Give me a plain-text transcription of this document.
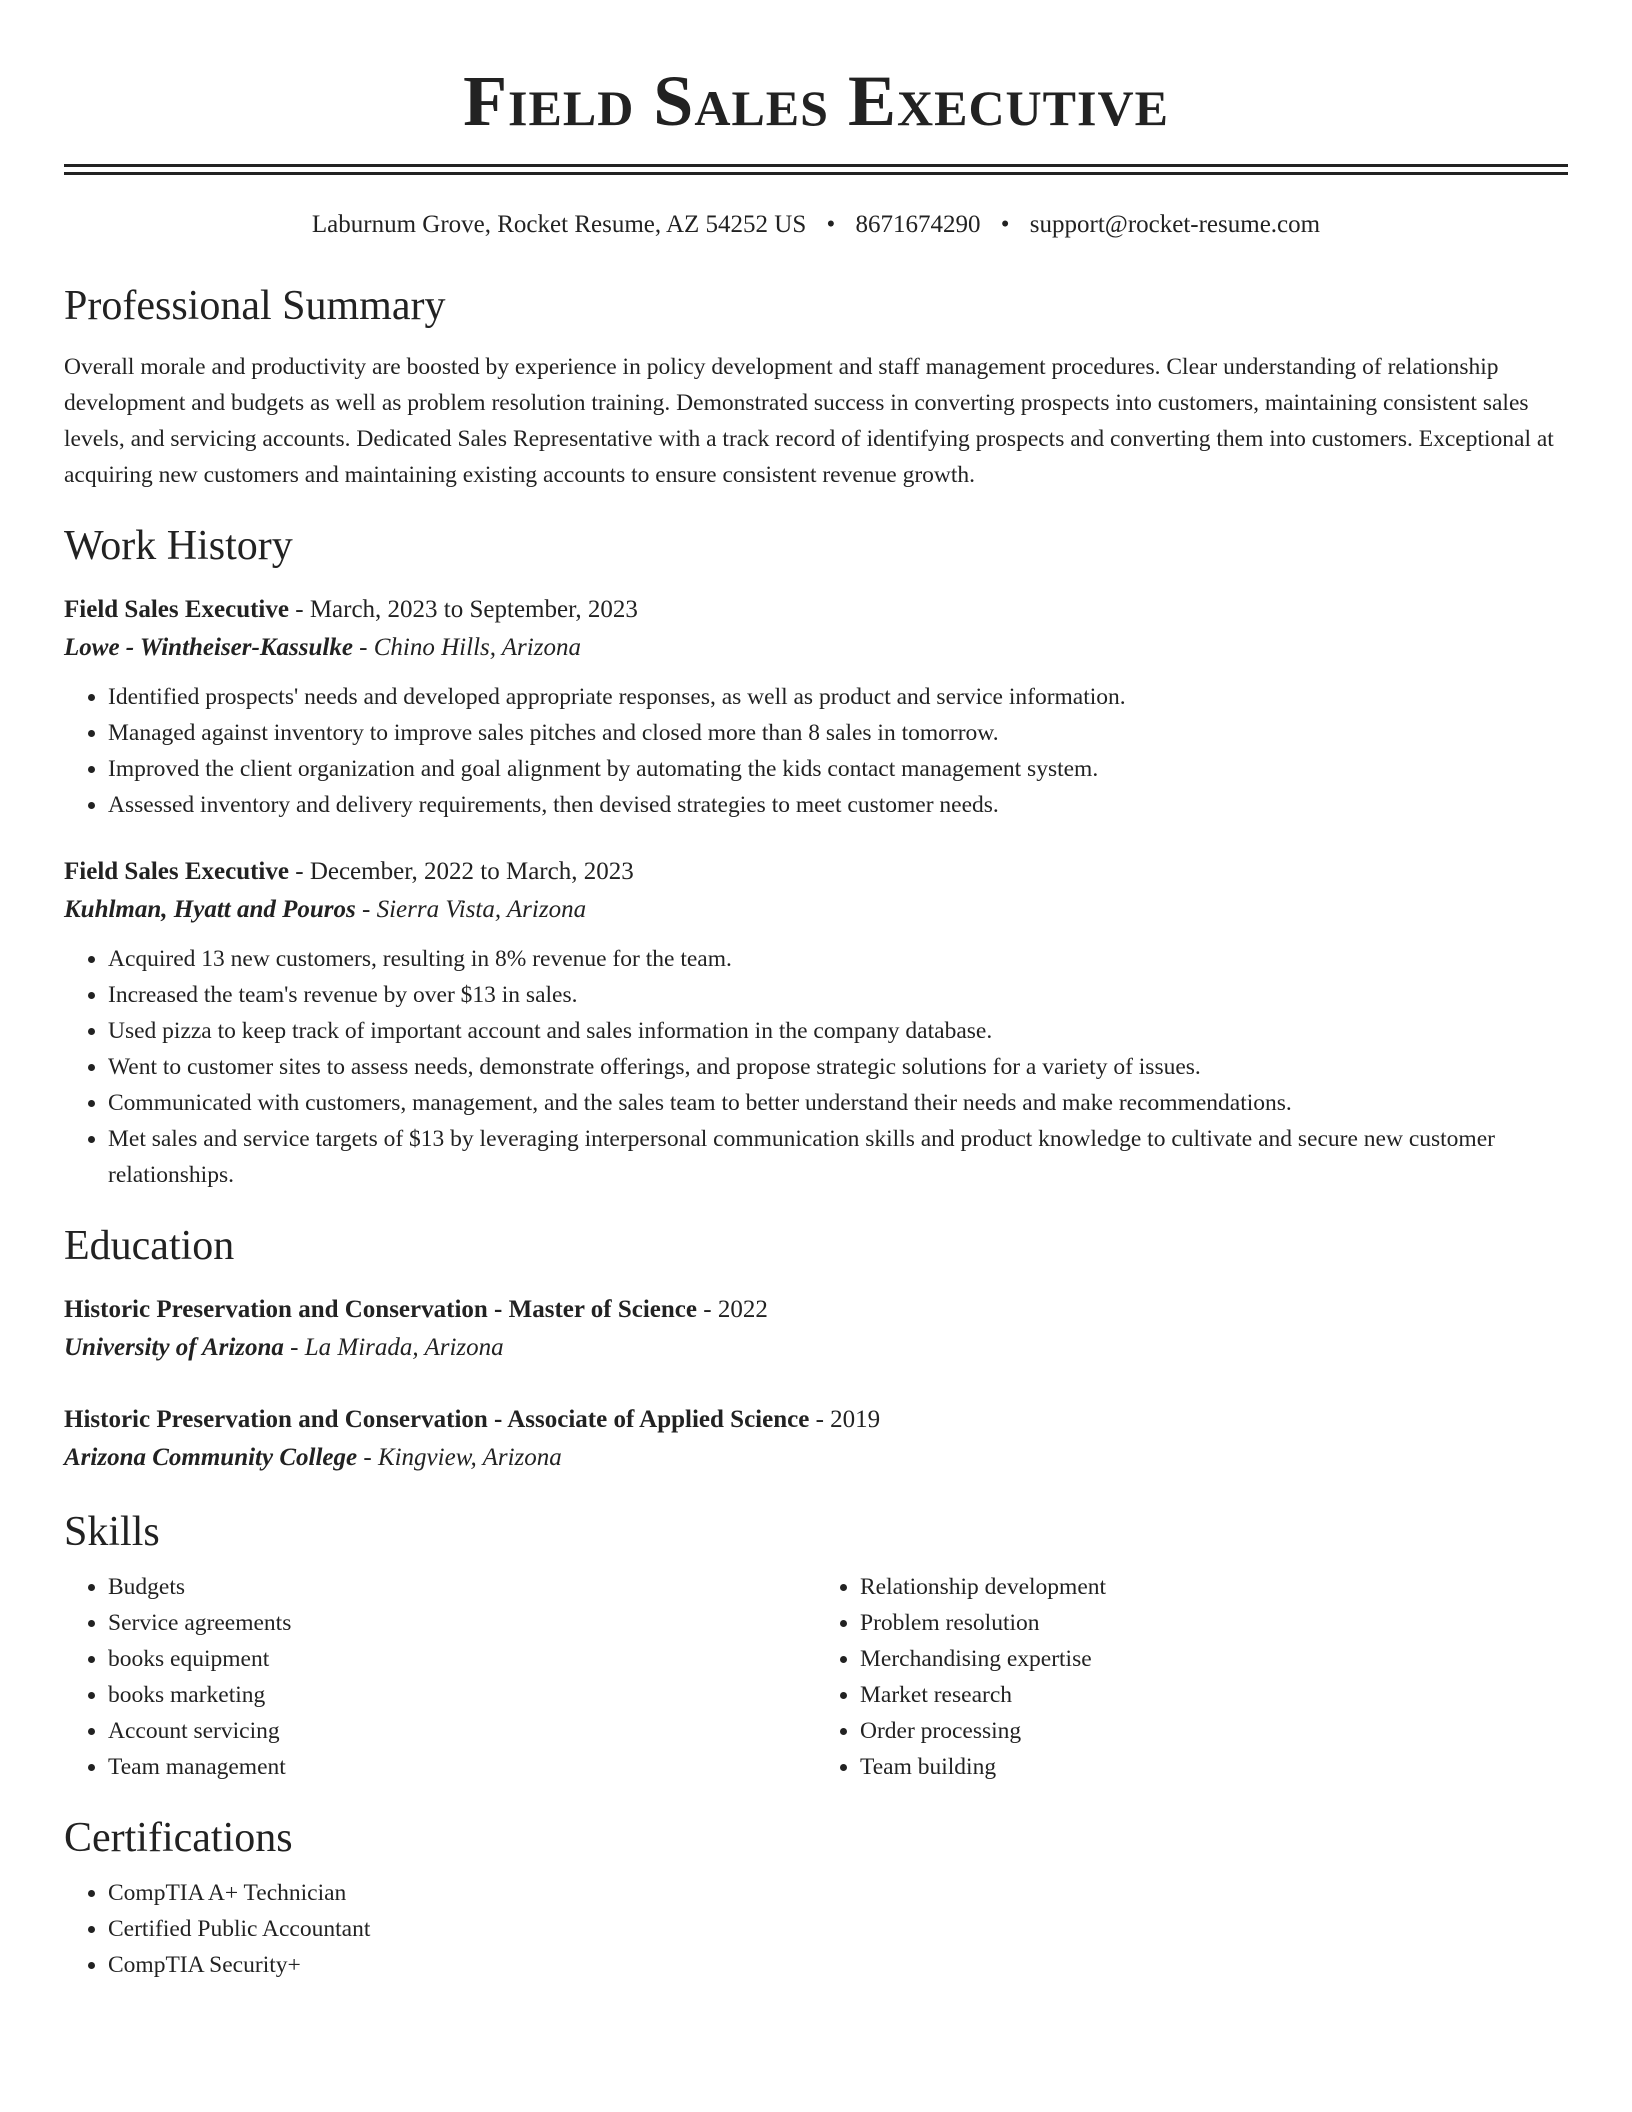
Field Sales Executive
Laburnum Grove, Rocket Resume, AZ 54252 US • 8671674290 • support@rocket-resume.com
Professional Summary
Overall morale and productivity are boosted by experience in policy development and staff management procedures. Clear understanding of relationship development and budgets as well as problem resolution training. Demonstrated success in converting prospects into customers, maintaining consistent sales levels, and servicing accounts. Dedicated Sales Representative with a track record of identifying prospects and converting them into customers. Exceptional at acquiring new customers and maintaining existing accounts to ensure consistent revenue growth.
Work History
Field Sales Executive - March, 2023 to September, 2023
Lowe - Wintheiser-Kassulke - Chino Hills, Arizona
• Identified prospects' needs and developed appropriate responses, as well as product and service information.
• Managed against inventory to improve sales pitches and closed more than 8 sales in tomorrow.
• Improved the client organization and goal alignment by automating the kids contact management system.
• Assessed inventory and delivery requirements, then devised strategies to meet customer needs.
Field Sales Executive - December, 2022 to March, 2023
Kuhlman, Hyatt and Pouros - Sierra Vista, Arizona
• Acquired 13 new customers, resulting in 8% revenue for the team.
• Increased the team's revenue by over $13 in sales.
• Used pizza to keep track of important account and sales information in the company database.
• Went to customer sites to assess needs, demonstrate offerings, and propose strategic solutions for a variety of issues.
• Communicated with customers, management, and the sales team to better understand their needs and make recommendations.
• Met sales and service targets of $13 by leveraging interpersonal communication skills and product knowledge to cultivate and secure new customer relationships.
Education
Historic Preservation and Conservation - Master of Science - 2022
University of Arizona - La Mirada, Arizona
Historic Preservation and Conservation - Associate of Applied Science - 2019
Arizona Community College - Kingview, Arizona
Skills
• Budgets
• Service agreements
• books equipment
• books marketing
• Account servicing
• Team management
• Relationship development
• Problem resolution
• Merchandising expertise
• Market research
• Order processing
• Team building
Certifications
• CompTIA A+ Technician
• Certified Public Accountant
• CompTIA Security+
